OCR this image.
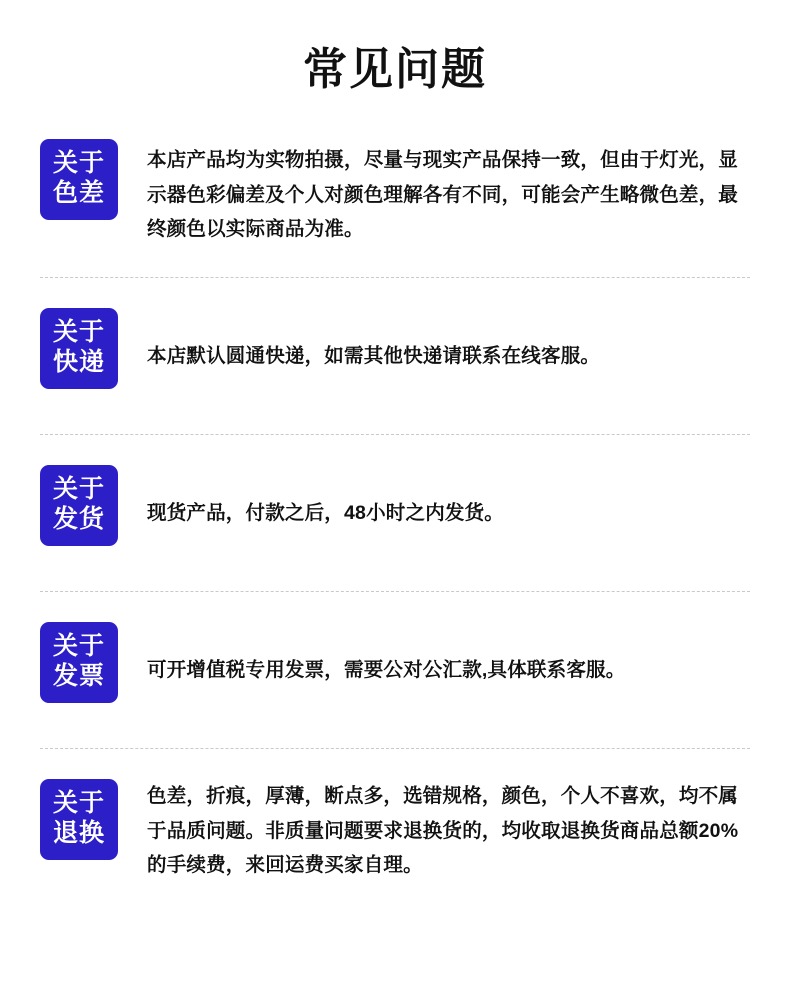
常见问题
关于
色差
本店产品均为实物拍摄，尽量与现实产品保持一致，但由于灯光，显示器色彩偏差及个人对颜色理解各有不同，可能会产生略微色差，最终颜色以实际商品为准。
关于
快递	本店默认圆通快递，如需其他快递请联系在线客服。
关于
发货	现货产品，付款之后，48小时之内发货。
关于
发票	可开增值税专用发票，需要公对公汇款,具体联系客服。
关于
退换
色差，折痕，厚薄，断点多，选错规格，颜色，个人不喜欢，均不属于品质问题。非质量问题要求退换货的，均收取退换货商品总额20%的手续费，来回运费买家自理。
